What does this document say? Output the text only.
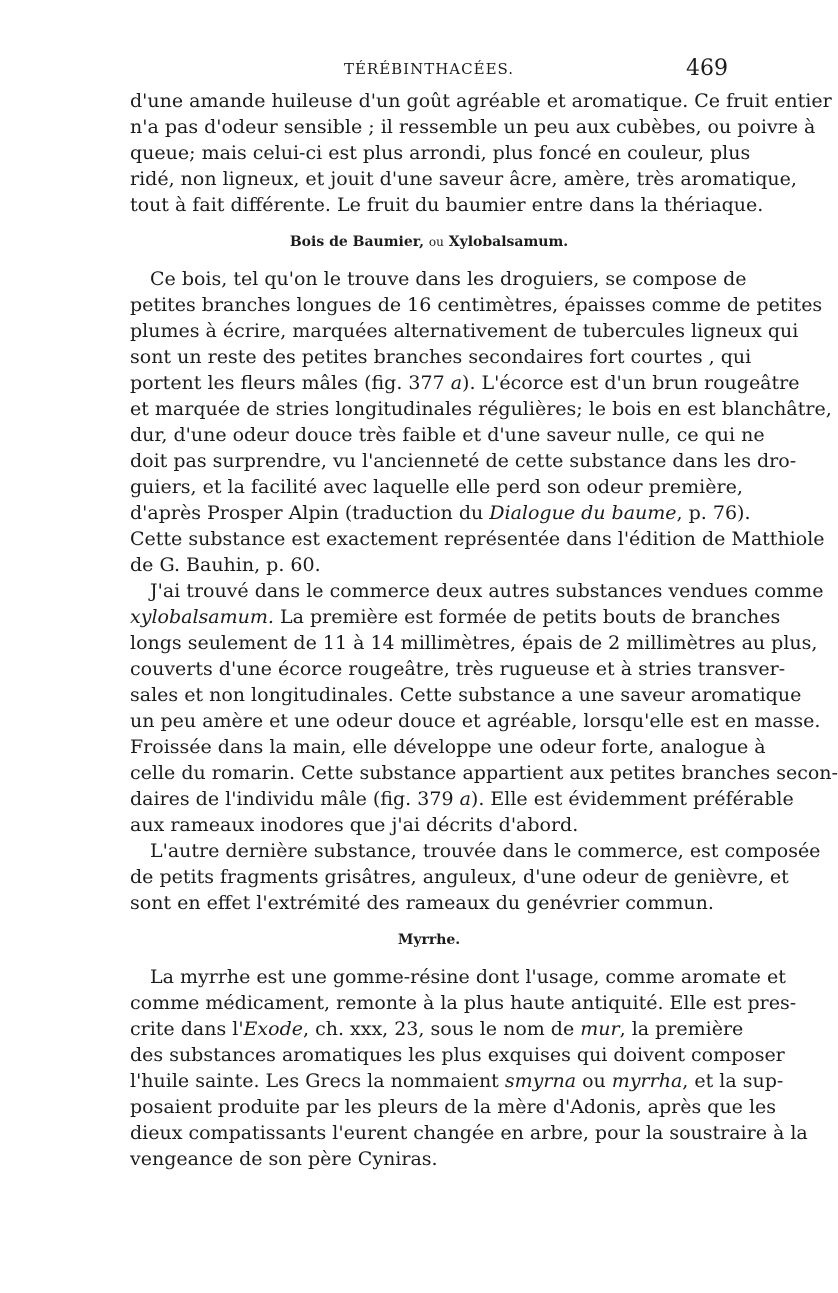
TÉRÉBINTHACÉES.	469
d'une amande huileuse d'un goût agréable et aromatique. Ce fruit entier
n'a pas d'odeur sensible ; il ressemble un peu aux cubèbes, ou poivre à
queue; mais celui-ci est plus arrondi, plus foncé en couleur, plus
ridé, non ligneux, et jouit d'une saveur âcre, amère, très aromatique,
tout à fait différente. Le fruit du baumier entre dans la thériaque.
Bois de Baumier, ou Xylobalsamum.
Ce bois, tel qu'on le trouve dans les droguiers, se compose de
petites branches longues de 16 centimètres, épaisses comme de petites
plumes à écrire, marquées alternativement de tubercules ligneux qui
sont un reste des petites branches secondaires fort courtes , qui
portent les fleurs mâles (fig. 377 a). L'écorce est d'un brun rougeâtre
et marquée de stries longitudinales régulières; le bois en est blanchâtre,
dur, d'une odeur douce très faible et d'une saveur nulle, ce qui ne
doit pas surprendre, vu l'ancienneté de cette substance dans les dro-
guiers, et la facilité avec laquelle elle perd son odeur première,
d'après Prosper Alpin (traduction du Dialogue du baume, p. 76).
Cette substance est exactement représentée dans l'édition de Matthiole
de G. Bauhin, p. 60.
J'ai trouvé dans le commerce deux autres substances vendues comme
xylobalsamum. La première est formée de petits bouts de branches
longs seulement de 11 à 14 millimètres, épais de 2 millimètres au plus,
couverts d'une écorce rougeâtre, très rugueuse et à stries transver-
sales et non longitudinales. Cette substance a une saveur aromatique
un peu amère et une odeur douce et agréable, lorsqu'elle est en masse.
Froissée dans la main, elle développe une odeur forte, analogue à
celle du romarin. Cette substance appartient aux petites branches secon-
daires de l'individu mâle (fig. 379 a). Elle est évidemment préférable
aux rameaux inodores que j'ai décrits d'abord.
L'autre dernière substance, trouvée dans le commerce, est composée
de petits fragments grisâtres, anguleux, d'une odeur de genièvre, et
sont en effet l'extrémité des rameaux du genévrier commun.
Myrrhe.
La myrrhe est une gomme-résine dont l'usage, comme aromate et
comme médicament, remonte à la plus haute antiquité. Elle est pres-
crite dans l'Exode, ch. xxx, 23, sous le nom de mur, la première
des substances aromatiques les plus exquises qui doivent composer
l'huile sainte. Les Grecs la nommaient smyrna ou myrrha, et la sup-
posaient produite par les pleurs de la mère d'Adonis, après que les
dieux compatissants l'eurent changée en arbre, pour la soustraire à la
vengeance de son père Cyniras.
